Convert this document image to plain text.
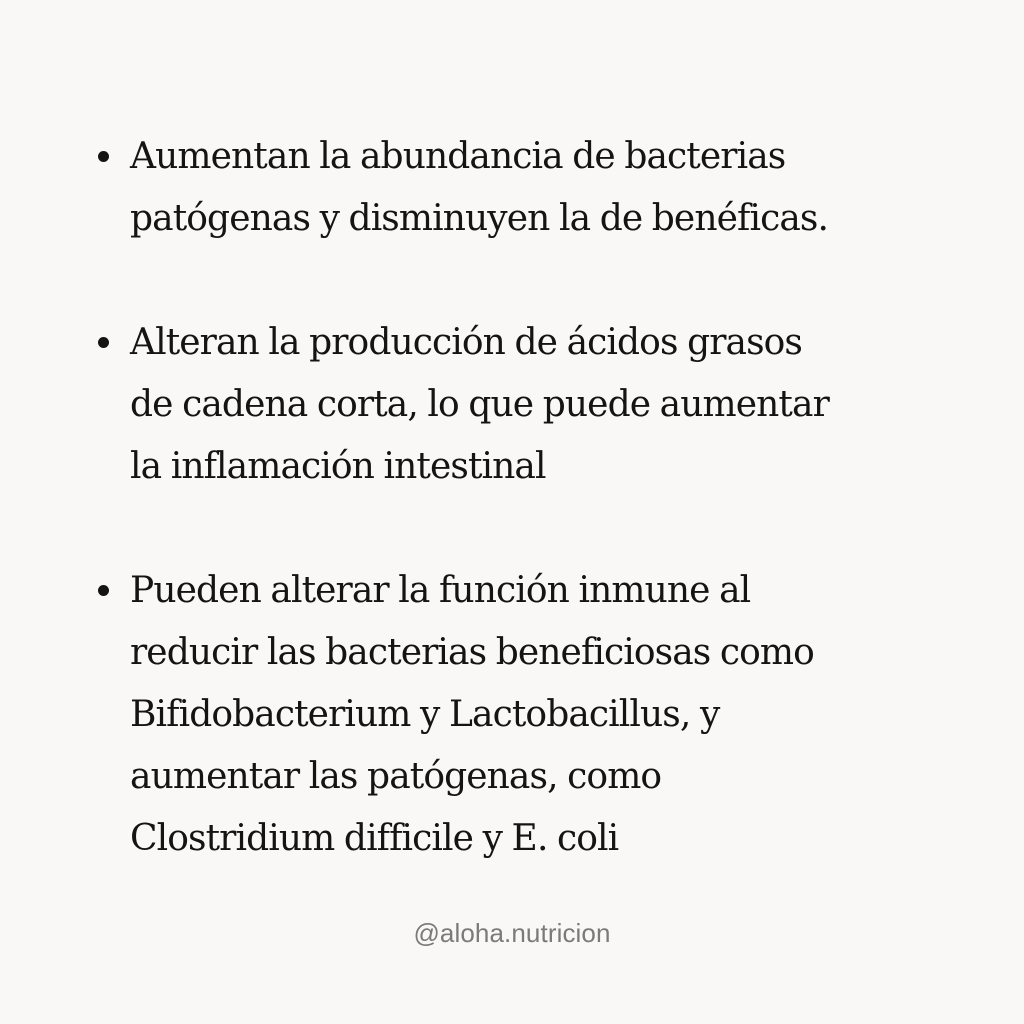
Aumentan la abundancia de bacterias
patógenas y disminuyen la de benéficas.
Alteran la producción de ácidos grasos
de cadena corta, lo que puede aumentar
la inflamación intestinal
Pueden alterar la función inmune al
reducir las bacterias beneficiosas como
Bifidobacterium y Lactobacillus, y
aumentar las patógenas, como
Clostridium difficile y E. coli
@aloha.nutricion
